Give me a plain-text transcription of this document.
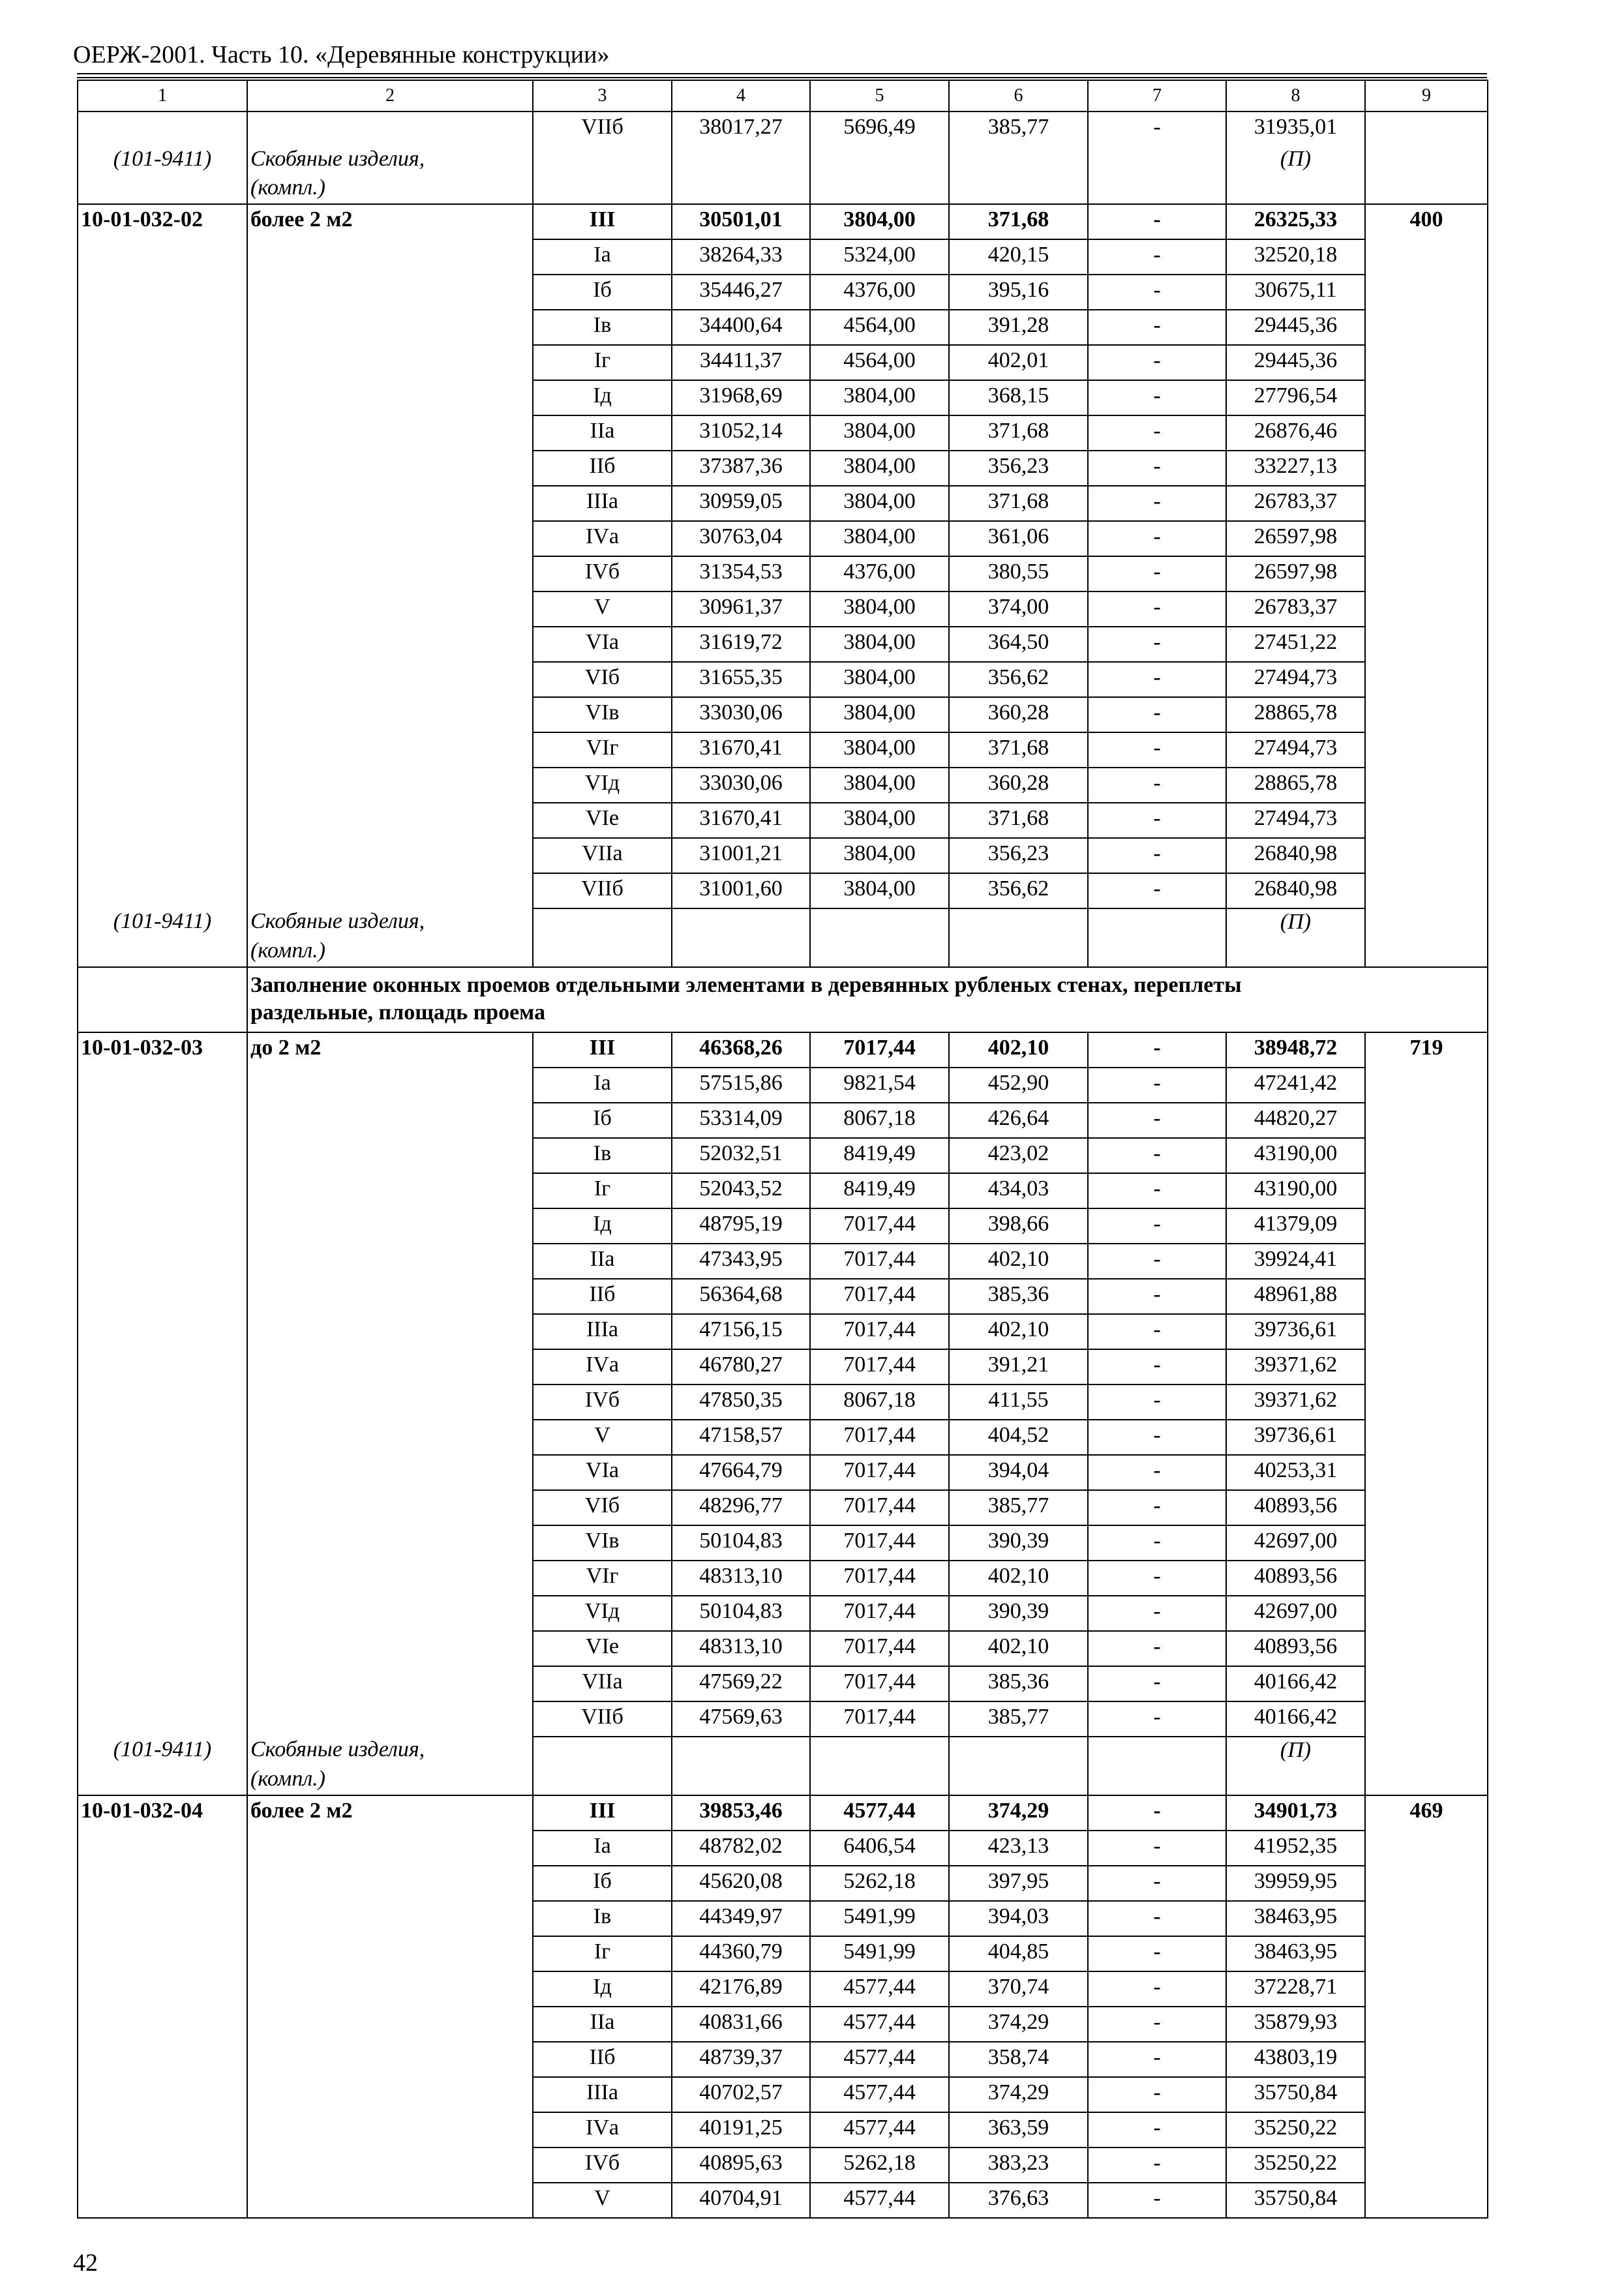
ОЕРЖ-2001. Часть 10. «Деревянные конструкции»
1	2	3	4	5	6	7	8	9
		VIIб	38017,27	5696,49	385,77	-	31935,01	
(101-9411)	Скобяные изделия,						(П)	
	(компл.)							
10-01-032-02	более 2 м2	III	30501,01	3804,00	371,68	-	26325,33	400
		Iа	38264,33	5324,00	420,15	-	32520,18	
		Iб	35446,27	4376,00	395,16	-	30675,11	
		Iв	34400,64	4564,00	391,28	-	29445,36	
		Iг	34411,37	4564,00	402,01	-	29445,36	
		Iд	31968,69	3804,00	368,15	-	27796,54	
		IIа	31052,14	3804,00	371,68	-	26876,46	
		IIб	37387,36	3804,00	356,23	-	33227,13	
		IIIа	30959,05	3804,00	371,68	-	26783,37	
		IVа	30763,04	3804,00	361,06	-	26597,98	
		IVб	31354,53	4376,00	380,55	-	26597,98	
		V	30961,37	3804,00	374,00	-	26783,37	
		VIа	31619,72	3804,00	364,50	-	27451,22	
		VIб	31655,35	3804,00	356,62	-	27494,73	
		VIв	33030,06	3804,00	360,28	-	28865,78	
		VIг	31670,41	3804,00	371,68	-	27494,73	
		VIд	33030,06	3804,00	360,28	-	28865,78	
		VIе	31670,41	3804,00	371,68	-	27494,73	
		VIIа	31001,21	3804,00	356,23	-	26840,98	
		VIIб	31001,60	3804,00	356,62	-	26840,98	
(101-9411)	Скобяные изделия,						(П)	
	(компл.)							

	Заполнение оконных проемов отдельными элементами в деревянных рубленых стенах, переплеты
раздельные, площадь проема							

10-01-032-03	до 2 м2	III	46368,26	7017,44	402,10	-	38948,72	719
		Iа	57515,86	9821,54	452,90	-	47241,42	
		Iб	53314,09	8067,18	426,64	-	44820,27	
		Iв	52032,51	8419,49	423,02	-	43190,00	
		Iг	52043,52	8419,49	434,03	-	43190,00	
		Iд	48795,19	7017,44	398,66	-	41379,09	
		IIа	47343,95	7017,44	402,10	-	39924,41	
		IIб	56364,68	7017,44	385,36	-	48961,88	
		IIIа	47156,15	7017,44	402,10	-	39736,61	
		IVа	46780,27	7017,44	391,21	-	39371,62	
		IVб	47850,35	8067,18	411,55	-	39371,62	
		V	47158,57	7017,44	404,52	-	39736,61	
		VIа	47664,79	7017,44	394,04	-	40253,31	
		VIб	48296,77	7017,44	385,77	-	40893,56	
		VIв	50104,83	7017,44	390,39	-	42697,00	
		VIг	48313,10	7017,44	402,10	-	40893,56	
		VIд	50104,83	7017,44	390,39	-	42697,00	
		VIе	48313,10	7017,44	402,10	-	40893,56	
		VIIа	47569,22	7017,44	385,36	-	40166,42	
		VIIб	47569,63	7017,44	385,77	-	40166,42	
(101-9411)	Скобяные изделия,						(П)	
	(компл.)							
10-01-032-04	более 2 м2	III	39853,46	4577,44	374,29	-	34901,73	469
		Iа	48782,02	6406,54	423,13	-	41952,35	
		Iб	45620,08	5262,18	397,95	-	39959,95	
		Iв	44349,97	5491,99	394,03	-	38463,95	
		Iг	44360,79	5491,99	404,85	-	38463,95	
		Iд	42176,89	4577,44	370,74	-	37228,71	
		IIа	40831,66	4577,44	374,29	-	35879,93	
		IIб	48739,37	4577,44	358,74	-	43803,19	
		IIIа	40702,57	4577,44	374,29	-	35750,84	
		IVа	40191,25	4577,44	363,59	-	35250,22	
		IVб	40895,63	5262,18	383,23	-	35250,22	
		V	40704,91	4577,44	376,63	-	35750,84	
42
